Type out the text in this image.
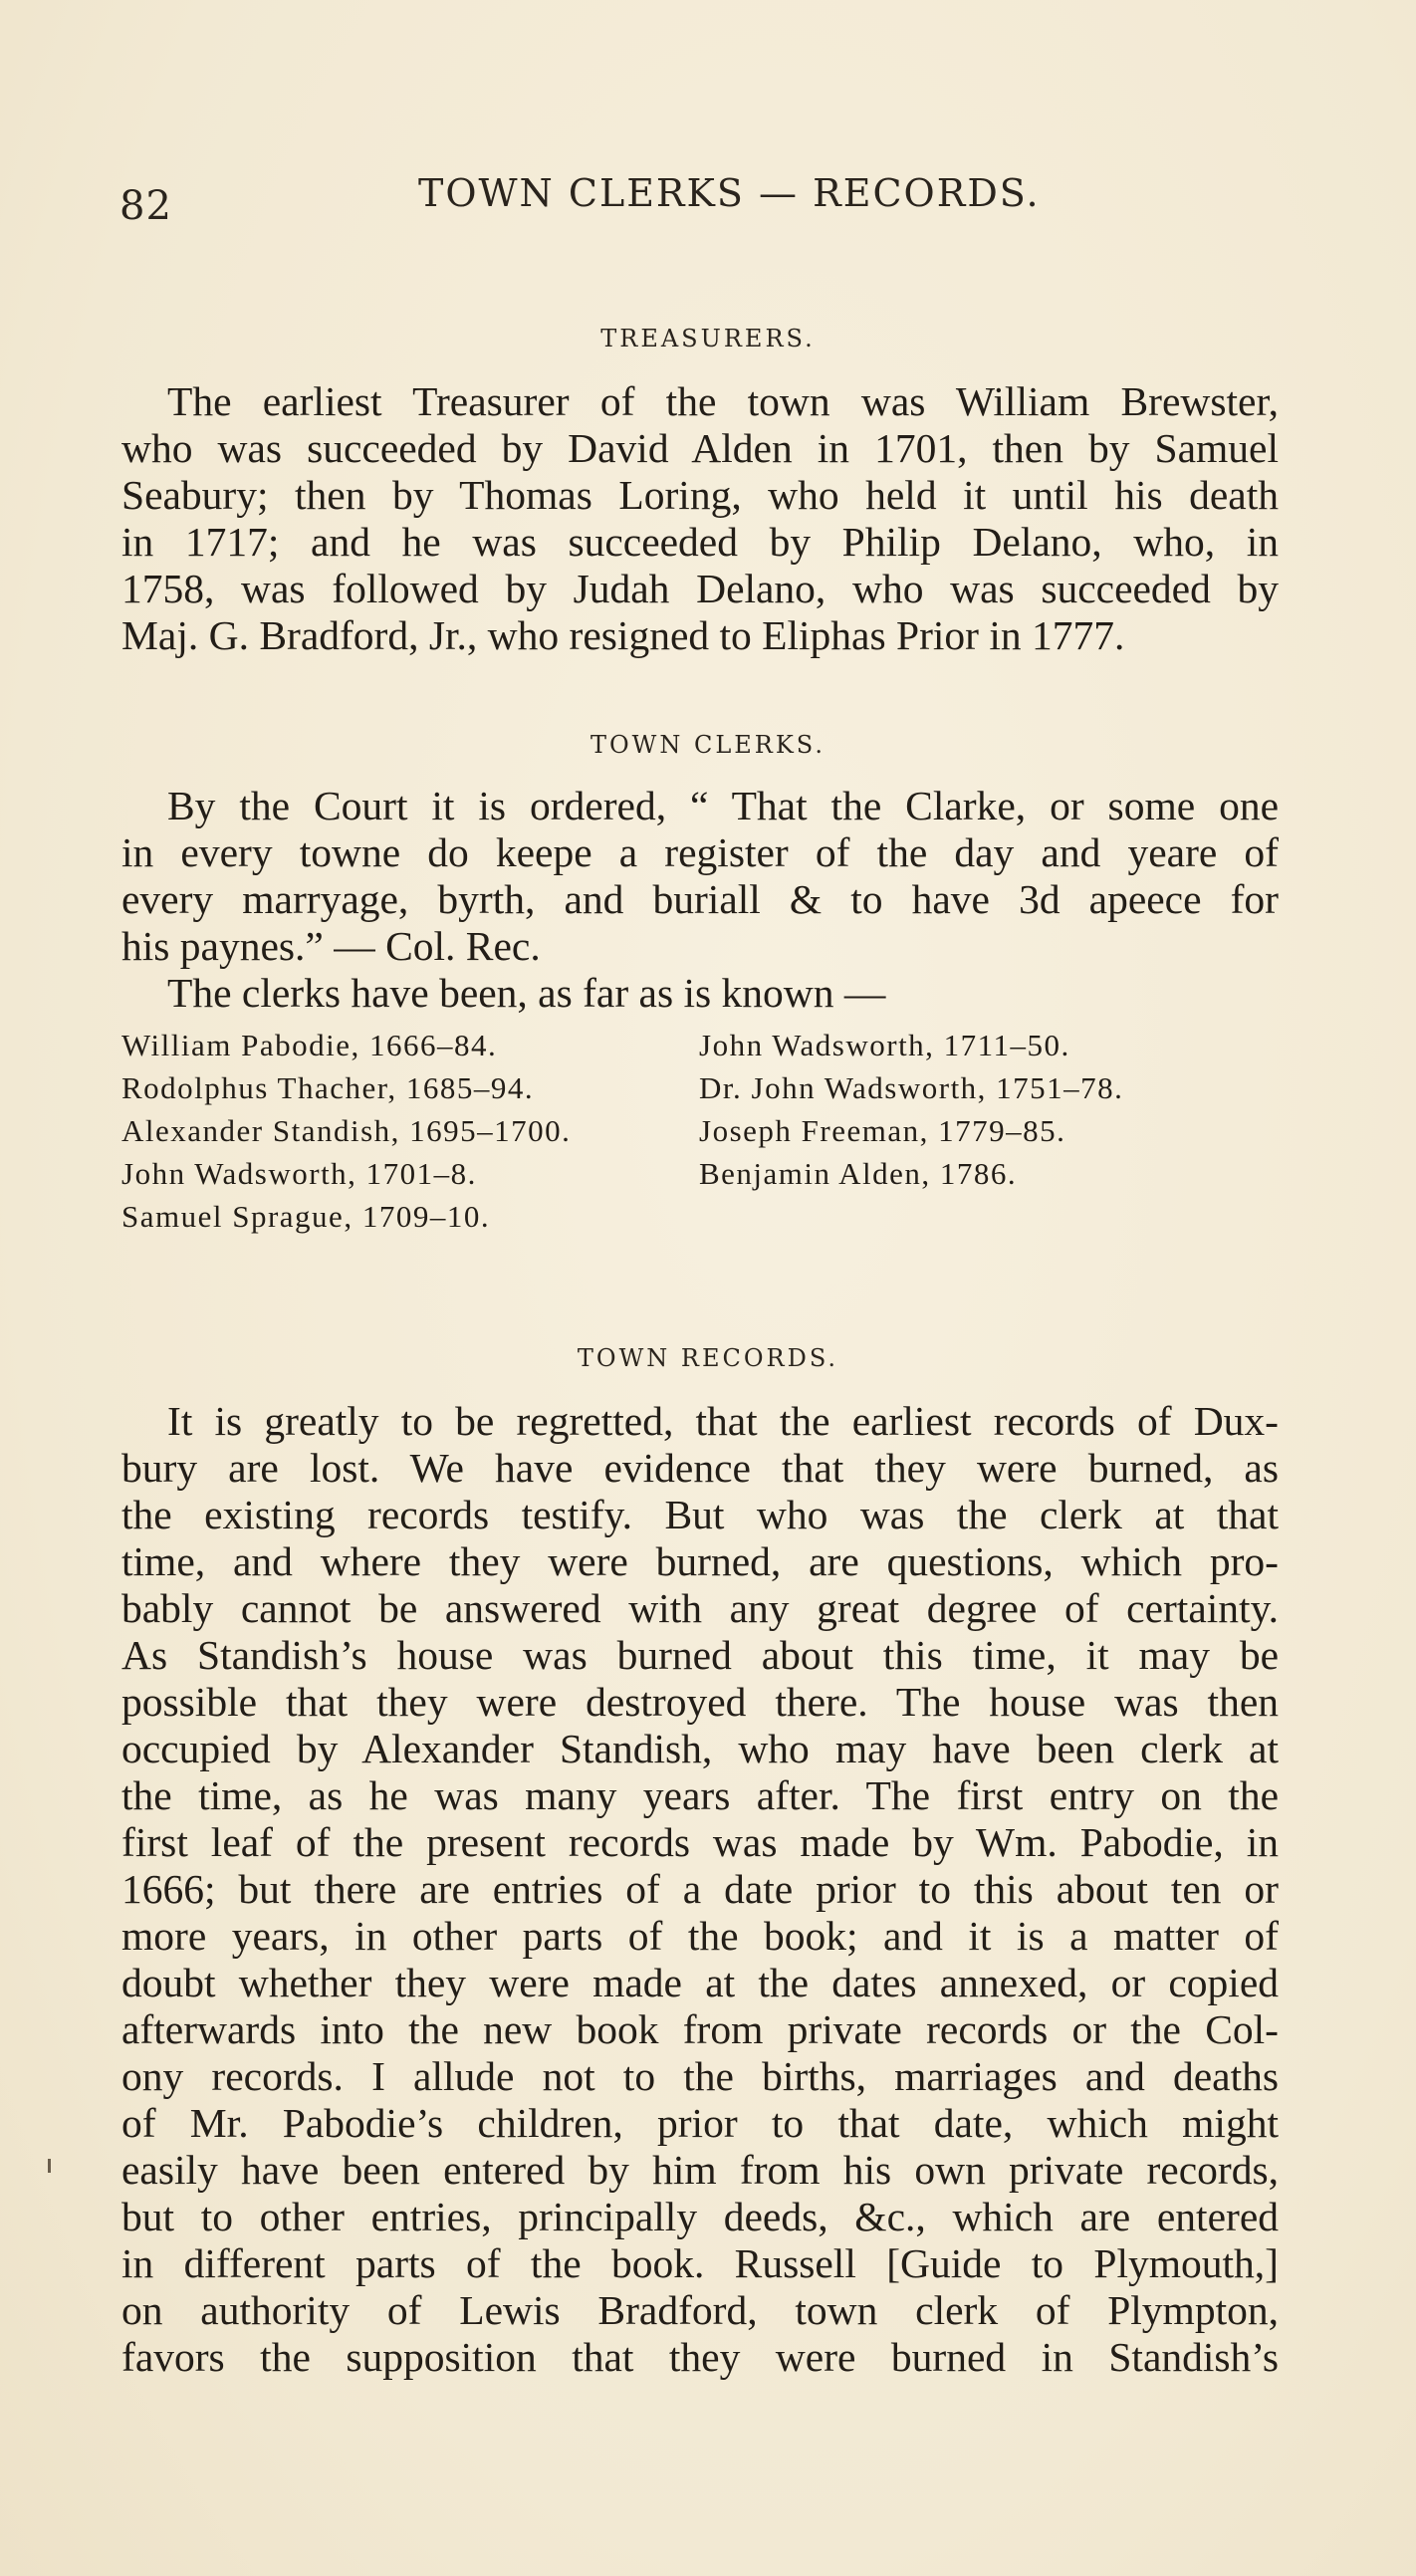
82	TOWN CLERKS — RECORDS.
TREASURERS.
The earliest Treasurer of the town was William Brewster,
who was succeeded by David Alden in 1701, then by Samuel
Seabury; then by Thomas Loring, who held it until his death
in 1717; and he was succeeded by Philip Delano, who, in
1758, was followed by Judah Delano, who was succeeded by
Maj. G. Bradford, Jr., who resigned to Eliphas Prior in 1777.
TOWN CLERKS.
By the Court it is ordered, “ That the Clarke, or some one
in every towne do keepe a register of the day and yeare of
every marryage, byrth, and buriall & to have 3d apeece for
his paynes.” — Col. Rec.
The clerks have been, as far as is known —
William Pabodie, 1666–84.
Rodolphus Thacher, 1685–94.
Alexander Standish, 1695–1700.
John Wadsworth, 1701–8.
Samuel Sprague, 1709–10.
John Wadsworth, 1711–50.
Dr. John Wadsworth, 1751–78.
Joseph Freeman, 1779–85.
Benjamin Alden, 1786.
TOWN RECORDS.
It is greatly to be regretted, that the earliest records of Dux-
bury are lost. We have evidence that they were burned, as
the existing records testify. But who was the clerk at that
time, and where they were burned, are questions, which pro-
bably cannot be answered with any great degree of certainty.
As Standish’s house was burned about this time, it may be
possible that they were destroyed there. The house was then
occupied by Alexander Standish, who may have been clerk at
the time, as he was many years after. The first entry on the
first leaf of the present records was made by Wm. Pabodie, in
1666; but there are entries of a date prior to this about ten or
more years, in other parts of the book; and it is a matter of
doubt whether they were made at the dates annexed, or copied
afterwards into the new book from private records or the Col-
ony records. I allude not to the births, marriages and deaths
of Mr. Pabodie’s children, prior to that date, which might
easily have been entered by him from his own private records,
but to other entries, principally deeds, &c., which are entered
in different parts of the book. Russell [Guide to Plymouth,]
on authority of Lewis Bradford, town clerk of Plympton,
favors the supposition that they were burned in Standish’s
